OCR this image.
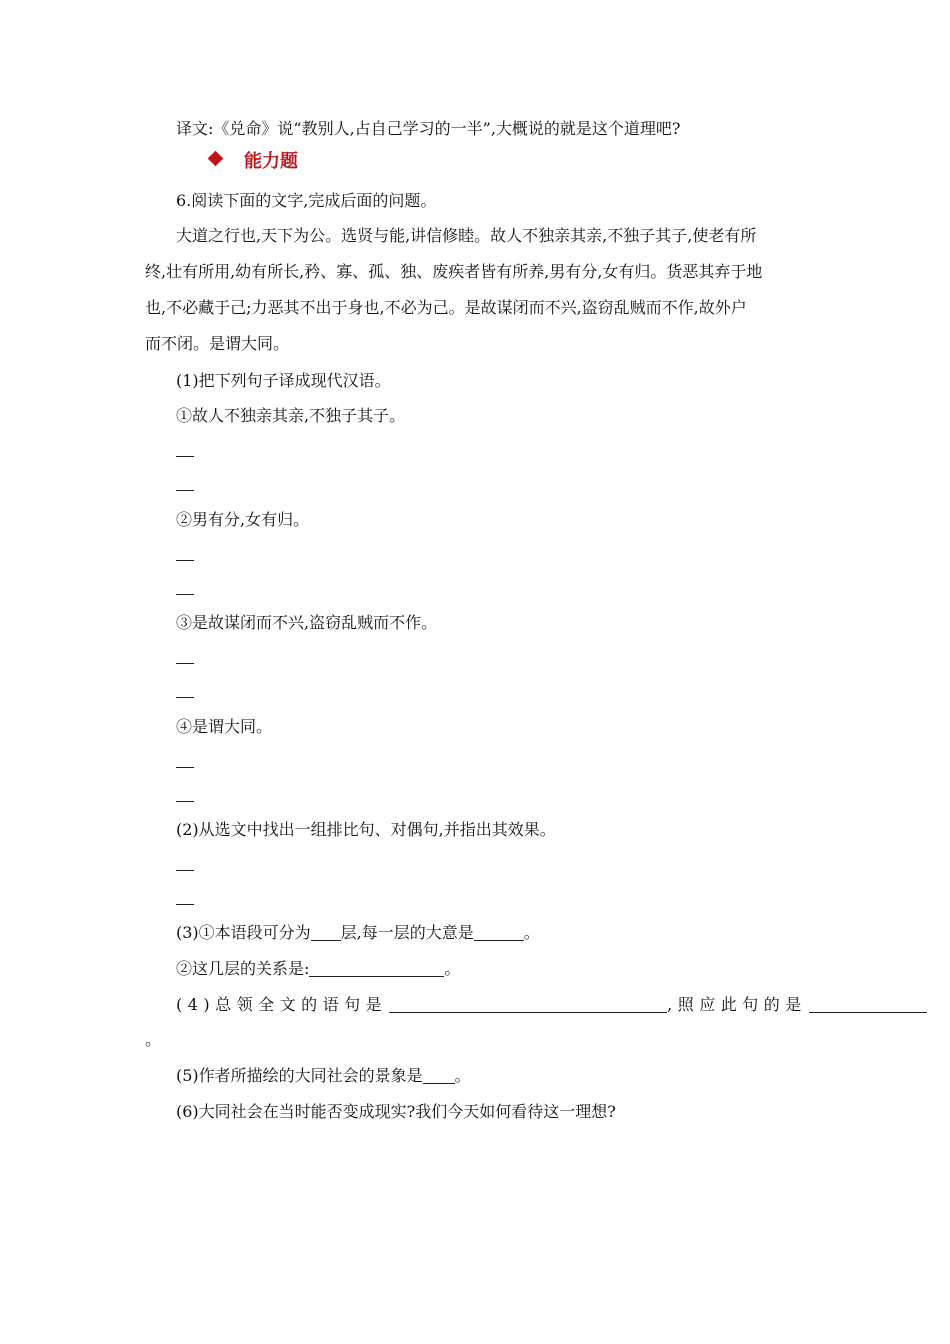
译文:《兑命》说“教别人,占自己学习的一半”,大概说的就是这个道理吧?
能力题
6.阅读下面的文字,完成后面的问题。
大道之行也,天下为公。选贤与能,讲信修睦。故人不独亲其亲,不独子其子,使老有所
终,壮有所用,幼有所长,矜、寡、孤、独、废疾者皆有所养,男有分,女有归。货恶其弃于地
也,不必藏于己;力恶其不出于身也,不必为己。是故谋闭而不兴,盗窃乱贼而不作,故外户
而不闭。是谓大同。
(1)把下列句子译成现代汉语。
①故人不独亲其亲,不独子其子。
②男有分,女有归。
③是故谋闭而不兴,盗窃乱贼而不作。
④是谓大同。
(2)从选文中找出一组排比句、对偶句,并指出其效果。
(3)①本语段可分为 层,每一层的大意是	。
②这几层的关系是:	。
(4)总领全文的语句是	,照应此句的是
。
(5)作者所描绘的大同社会的景象是 。
(6)大同社会在当时能否变成现实?我们今天如何看待这一理想?
